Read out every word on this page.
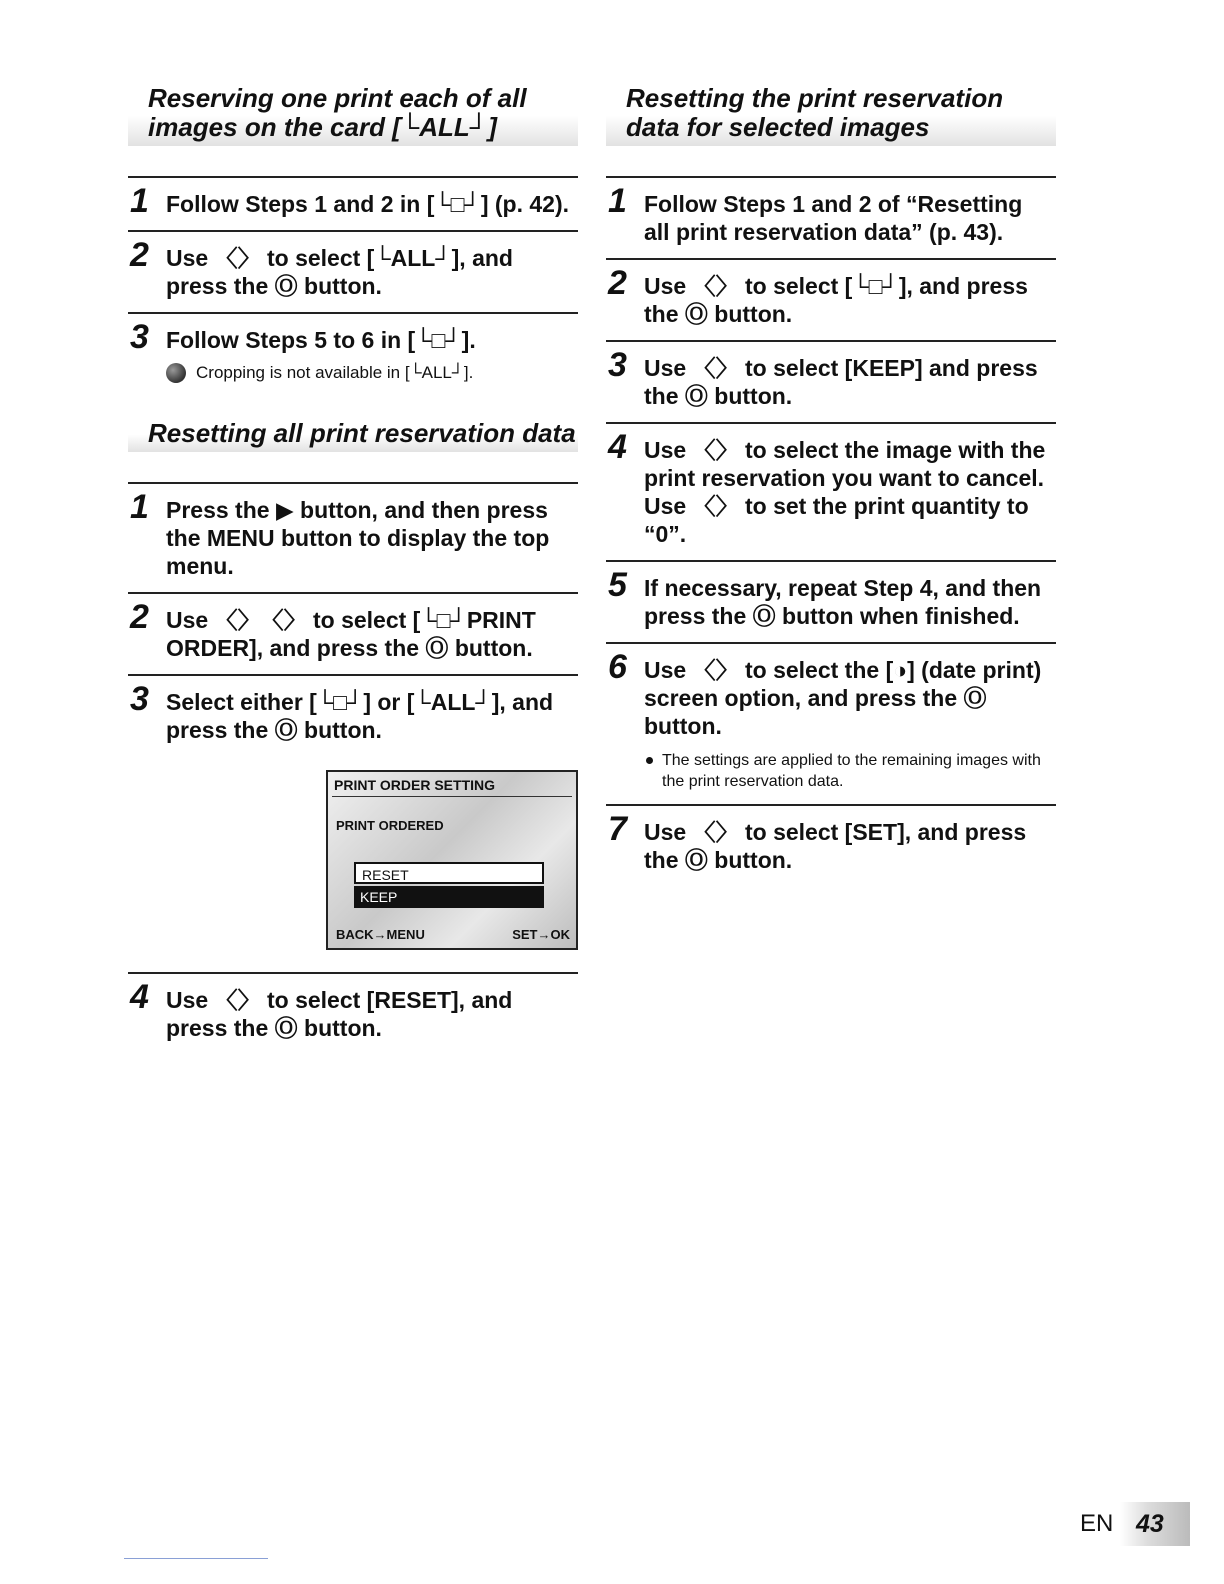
Reserving one print each of all images on the card [└ALL┘]
1 Follow Steps 1 and 2 in [└□┘] (p. 42).
2 Use 〈〉 to select [└ALL┘], and press the Ⓞ button.
3 Follow Steps 5 to 6 in [└□┘].
Cropping is not available in [└ALL┘].
Resetting all print reservation data
1 Press the ▶ button, and then press the MENU button to display the top menu.
2 Use 〈〉〈〉 to select [└□┘PRINT ORDER], and press the Ⓞ button.
3 Select either [└□┘] or [└ALL┘], and press the Ⓞ button.
PRINT ORDER SETTING
PRINT ORDERED
RESET
KEEP
BACK→MENU	SET→OK
4 Use 〈〉 to select [RESET], and press the Ⓞ button.
Resetting the print reservation data for selected images
1 Follow Steps 1 and 2 of “Resetting all print reservation data” (p. 43).
2 Use 〈〉 to select [└□┘], and press the Ⓞ button.
3 Use 〈〉 to select [KEEP] and press the Ⓞ button.
4 Use 〈〉 to select the image with the print reservation you want to cancel. Use 〈〉 to set the print quantity to “0”.
5 If necessary, repeat Step 4, and then press the Ⓞ button when finished.
6 Use 〈〉 to select the [◑] (date print) screen option, and press the Ⓞ button.
The settings are applied to the remaining images with the print reservation data.
7 Use 〈〉 to select [SET], and press the Ⓞ button.
EN 43
